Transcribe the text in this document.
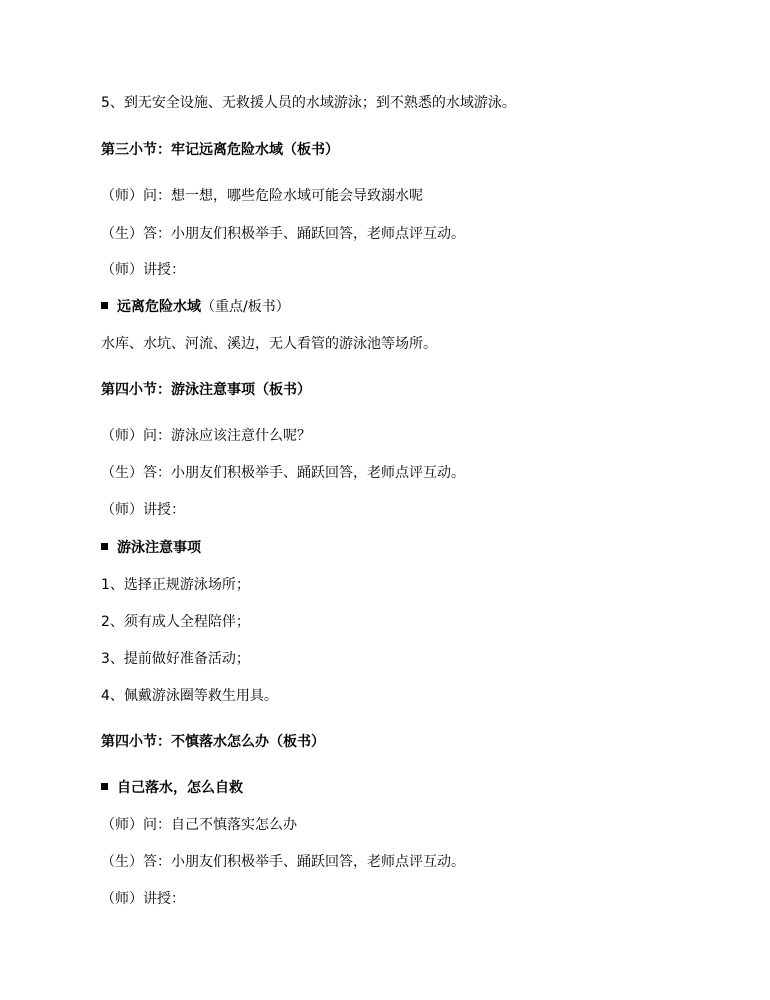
5、到无安全设施、无救援人员的水域游泳；到不熟悉的水域游泳。
第三小节：牢记远离危险水域（板书）
（师）问：想一想，哪些危险水域可能会导致溺水呢
（生）答：小朋友们积极举手、踊跃回答，老师点评互动。
（师）讲授：
远离危险水域（重点/板书）
水库、水坑、河流、溪边，无人看管的游泳池等场所。
第四小节：游泳注意事项（板书）
（师）问：游泳应该注意什么呢？
（生）答：小朋友们积极举手、踊跃回答，老师点评互动。
（师）讲授：
游泳注意事项
1、选择正规游泳场所；
2、须有成人全程陪伴；
3、提前做好准备活动；
4、佩戴游泳圈等救生用具。
第四小节：不慎落水怎么办（板书）
自己落水，怎么自救
（师）问：自己不慎落实怎么办
（生）答：小朋友们积极举手、踊跃回答，老师点评互动。
（师）讲授：
